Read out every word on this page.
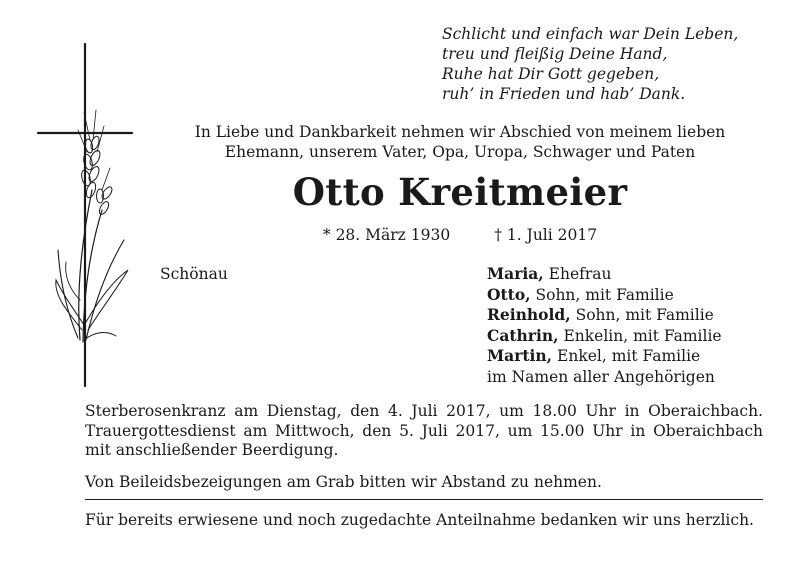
Schlicht und einfach war Dein Leben,
treu und fleißig Deine Hand,
Ruhe hat Dir Gott gegeben,
ruh’ in Frieden und hab’ Dank.
In Liebe und Dankbarkeit nehmen wir Abschied von meinem lieben
Ehemann, unserem Vater, Opa, Uropa, Schwager und Paten
Otto Kreitmeier
* 28. März 1930	† 1. Juli 2017
Schönau	Maria, Ehefrau
Otto, Sohn, mit Familie
Reinhold, Sohn, mit Familie
Cathrin, Enkelin, mit Familie
Martin, Enkel, mit Familie
im Namen aller Angehörigen
Sterberosenkranz am Dienstag, den 4. Juli 2017, um 18.00 Uhr in Oberaichbach.
Trauergottesdienst am Mittwoch, den 5. Juli 2017, um 15.00 Uhr in Oberaichbach
mit anschließender Beerdigung.
Von Beileidsbezeigungen am Grab bitten wir Abstand zu nehmen.
Für bereits erwiesene und noch zugedachte Anteilnahme bedanken wir uns herzlich.
